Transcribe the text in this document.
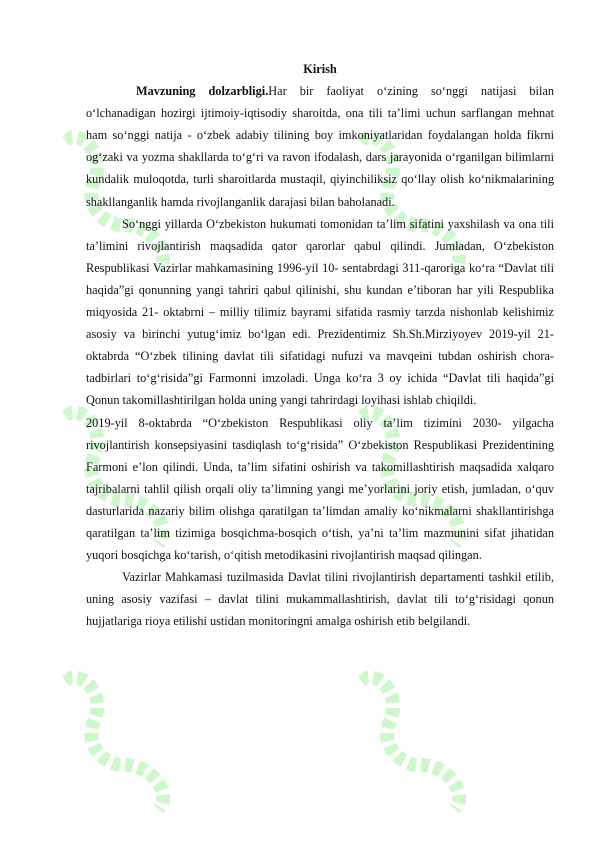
Kirish

Mavzuning dolzarbligi.Har bir faoliyat o‘zining so‘nggi natijasi bilan o‘lchanadigan hozirgi ijtimoiy-iqtisodiy sharoitda, ona tili ta’limi uchun sarflangan mehnat ham so‘nggi natija - o‘zbek adabiy tilining boy imkoniyatlaridan foydalangan holda fikrni og‘zaki va yozma shakllarda to‘g‘ri va ravon ifodalash, dars jarayonida o‘rganilgan bilimlarni kundalik muloqotda, turli sharoitlarda mustaqil, qiyinchiliksiz qo‘llay olish ko‘nikmalarining shakllanganlik hamda rivojlanganlik darajasi bilan baholanadi.

So‘nggi yillarda O‘zbekiston hukumati tomonidan ta’lim sifatini yaxshilash va ona tili ta’limini rivojlantirish maqsadida qator qarorlar qabul qilindi. Jumladan, O‘zbekiston Respublikasi Vazirlar mahkamasining 1996-yil 10- sentabrdagi 311-qaroriga ko‘ra “Davlat tili haqida”gi qonunning yangi tahriri qabul qilinishi, shu kundan e’tiboran har yili Respublika miqyosida 21- oktabrni – milliy tilimiz bayrami sifatida rasmiy tarzda nishonlab kelishimiz asosiy va birinchi yutug‘imiz bo‘lgan edi. Prezidentimiz Sh.Sh.Mirziyoyev 2019-yil 21- oktabrda “O‘zbek tilining davlat tili sifatidagi nufuzi va mavqeini tubdan oshirish chora-tadbirlari to‘g‘risida”gi Farmonni imzoladi. Unga ko‘ra 3 oy ichida “Davlat tili haqida”gi Qonun takomillashtirilgan holda uning yangi tahrirdagi loyihasi ishlab chiqildi.

2019-yil 8-oktabrda “O‘zbekiston Respublikasi oliy ta’lim tizimini 2030- yilgacha rivojlantirish konsepsiyasini tasdiqlash to‘g‘risida” O‘zbekiston Respublikasi Prezidentining Farmoni e’lon qilindi. Unda, ta’lim sifatini oshirish va takomillashtirish maqsadida xalqaro tajribalarni tahlil qilish orqali oliy ta’limning yangi me’yorlarini joriy etish, jumladan, o‘quv dasturlarida nazariy bilim olishga qaratilgan ta’limdan amaliy ko‘nikmalarni shakllantirishga qaratilgan ta’lim tizimiga bosqichma-bosqich o‘tish, ya’ni ta’lim mazmunini sifat jihatidan yuqori bosqichga ko‘tarish, o‘qitish metodikasini rivojlantirish maqsad qilingan.

Vazirlar Mahkamasi tuzilmasida Davlat tilini rivojlantirish departamenti tashkil etilib, uning asosiy vazifasi – davlat tilini mukammallashtirish, davlat tili to‘g‘risidagi qonun hujjatlariga rioya etilishi ustidan monitoringni amalga oshirish etib belgilandi.
